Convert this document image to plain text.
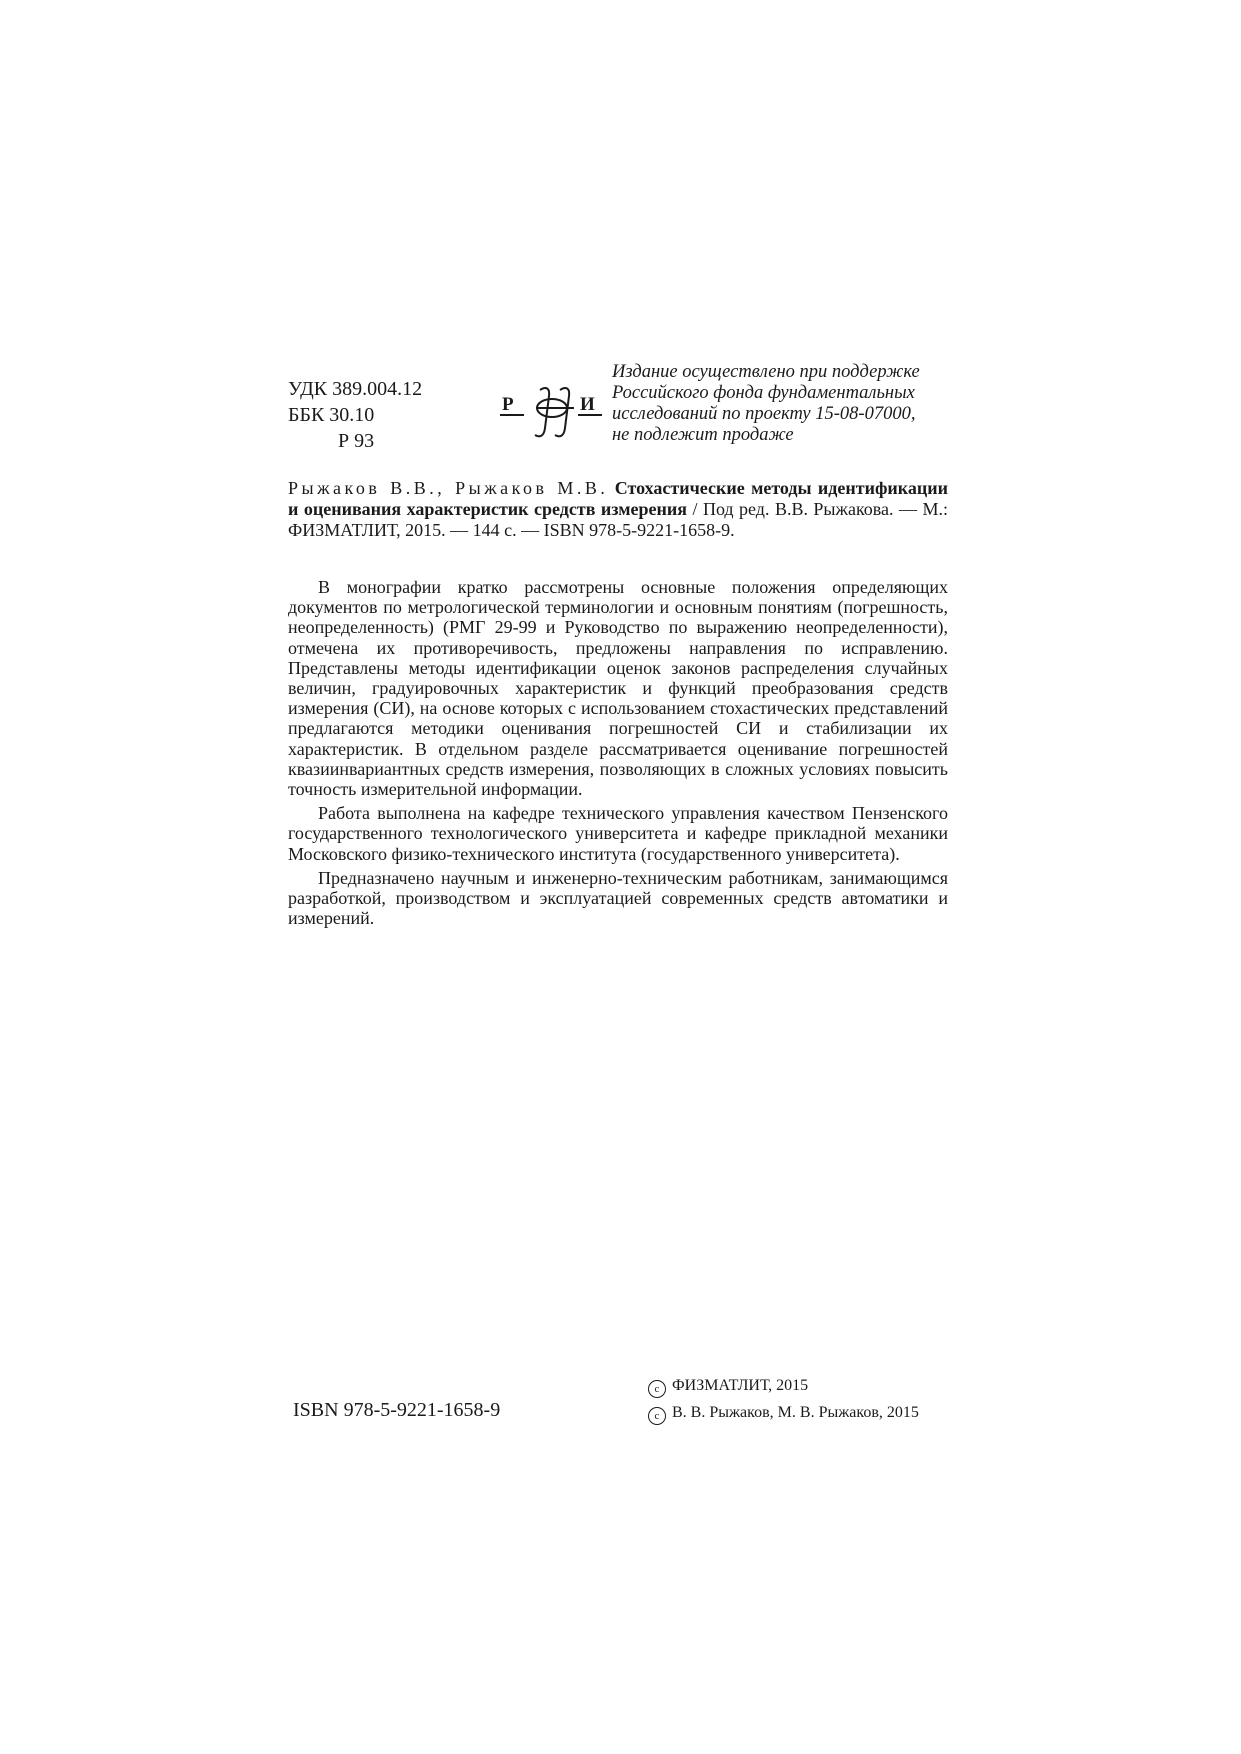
УДК 389.004.12
ББК 30.10
Р 93
Р	И
Издание осуществлено при поддержке
Российского фонда фундаментальных
исследований по проекту 15-08-07000,
не подлежит продаже
Рыжаков В.В., Рыжаков М.В. Стохастические методы идентификации и оценивания характеристик средств измерения / Под ред. В.В. Рыжакова. — М.: ФИЗМАТЛИТ, 2015. — 144 с. — ISBN 978-5-9221-1658-9.

В монографии кратко рассмотрены основные положения определяющих документов по метрологической терминологии и основным понятиям (погрешность, неопределенность) (РМГ 29-99 и Руководство по выражению неопределенности), отмечена их противоречивость, предложены направления по исправлению. Представлены методы идентификации оценок законов распределения случайных величин, градуировочных характеристик и функций преобразования средств измерения (СИ), на основе которых с использованием стохастических представлений предлагаются методики оценивания погрешностей СИ и стабилизации их характеристик. В отдельном разделе рассматривается оценивание погрешностей квазиинвариантных средств измерения, позволяющих в сложных условиях повысить точность измерительной информации.

Работа выполнена на кафедре технического управления качеством Пензенского государственного технологического университета и кафедре прикладной механики Московского физико-технического института (государственного университета).

Предназначено научным и инженерно-техническим работникам, занимающимся разработкой, производством и эксплуатацией современных средств автоматики и измерений.

ISBN 978-5-9221-1658-9
c ФИЗМАТЛИТ, 2015
c В. В. Рыжаков, М. В. Рыжаков, 2015
